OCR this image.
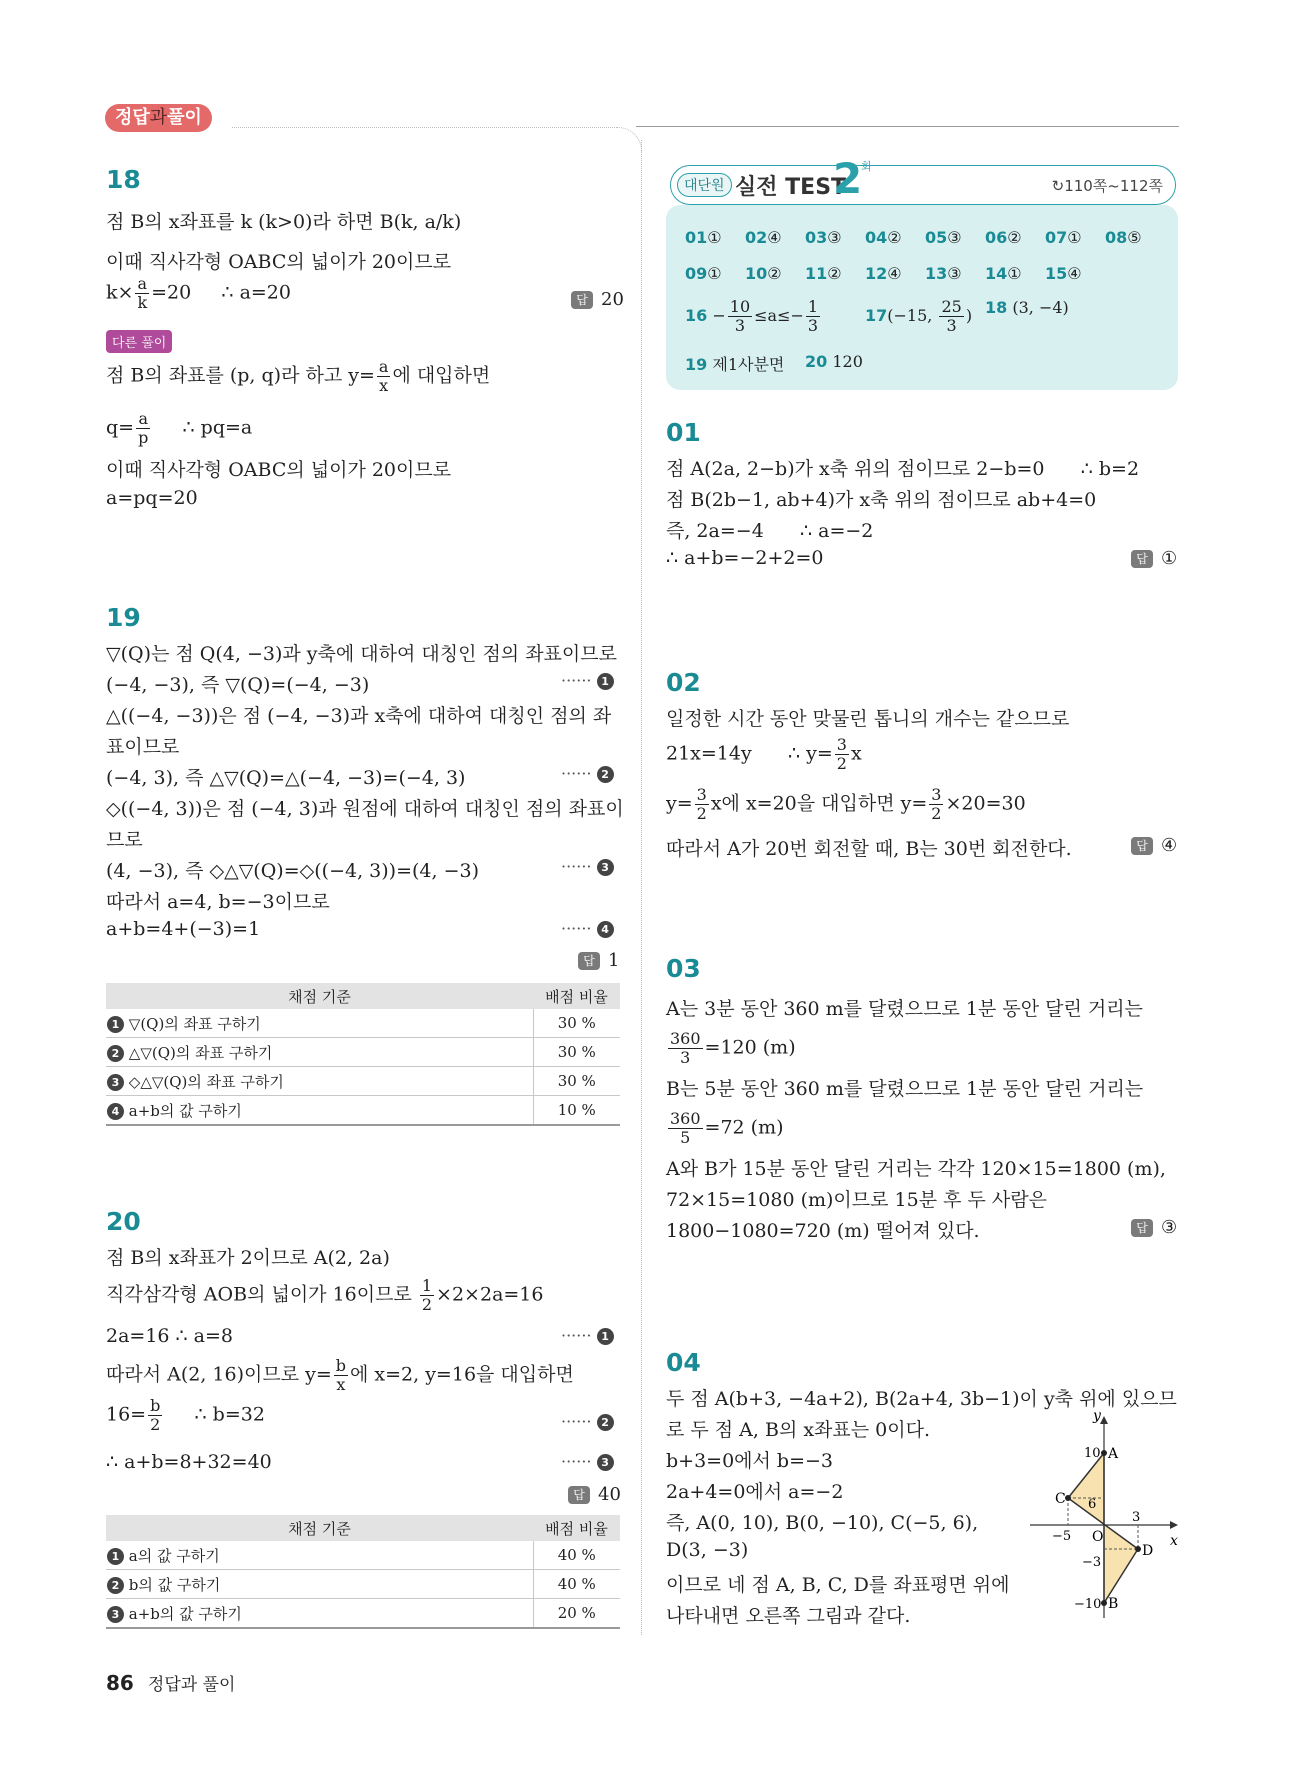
정답과풀이
18
점 B의 x좌표를 k (k>0)라 하면 B(k, a/k)
이때 직사각형 OABC의 넓이가 20이므로
$k\times \frac{a}{k} =20$     ∴ a=20	답 20
다른 풀이
점 B의 좌표를 (p, q)라 하고 $y= \frac{a}{x}$ 에 대입하면
$q= \frac{a}{p}$ ∴ pq=a
이때 직사각형 OABC의 넓이가 20이므로
a=pq=20
19
▽(Q)는 점 Q(4, −3)과 y축에 대하여 대칭인 점의 좌표이므로
(−4, −3), 즉 ▽(Q)=(−4, −3)	······ 1
△((−4, −3))은 점 (−4, −3)과 x축에 대하여 대칭인 점의 좌
표이므로
(−4, 3), 즉 △▽(Q)=△(−4, −3)=(−4, 3)	······ 2
◇((−4, 3))은 점 (−4, 3)과 원점에 대하여 대칭인 점의 좌표이
므로
(4, −3), 즉 ◇△▽(Q)=◇((−4, 3))=(4, −3)	······ 3
따라서 a=4, b=−3이므로
a+b=4+(−3)=1	······ 4
답 1
채점 기준	배점 비율
1 ▽(Q)의 좌표 구하기	30 %
2 △▽(Q)의 좌표 구하기	30 %
3 ◇△▽(Q)의 좌표 구하기	30 %
4 a+b의 값 구하기	10 %
20
점 B의 x좌표가 2이므로 A(2, 2a)
직각삼각형 AOB의 넓이가 16이므로 $\frac{1}{2} \times 2\times 2a=16$
2a=16 ∴ a=8	······ 1
따라서 A(2, 16)이므로 $y= \frac{b}{x}$ 에 x=2, y=16을 대입하면
$16= \frac{b}{2}$ ∴ b=32	······ 2
∴ a+b=8+32=40	······ 3
답 40
채점 기준	배점 비율
1 a의 값 구하기	40 %
2 b의 값 구하기	40 %
3 a+b의 값 구하기	20 %
대단원 실전 TEST
2
회
↻110쪽~112쪽
01① 02④ 03③ 04② 05③ 06② 07① 08⑤
09① 10② 11② 12④ 13③ 14① 15④
$16 - \frac{10}{3} \le a\le- \frac{1}{3}$	17(−15, $\frac{25}{3}$ ) 18 (3, −4)
19 제1사분면 20 120
01
점 A(2a, 2−b)가 x축 위의 점이므로 2−b=0      ∴ b=2
점 B(2b−1, ab+4)가 x축 위의 점이므로 ab+4=0
즉, 2a=−4      ∴ a=−2
∴ a+b=−2+2=0	답 ①
02
일정한 시간 동안 맞물린 톱니의 개수는 같으므로
21x=14y      ∴ $y= \frac{3}{2}$ x
$y= \frac{3}{2}$ x에 x=20을 대입하면 $y= \frac{3}{2} \times 20=30$
따라서 A가 20번 회전할 때, B는 30번 회전한다.	답 ④
03
A는 3분 동안 360 m를 달렸으므로 1분 동안 달린 거리는
$\frac{360}{3} =120$ (m)
B는 5분 동안 360 m를 달렸으므로 1분 동안 달린 거리는
$\frac{360}{5} =72$ (m)
A와 B가 15분 동안 달린 거리는 각각 120×15=1800 (m),
72×15=1080 (m)이므로 15분 후 두 사람은
1800−1080=720 (m) 떨어져 있다.	답 ③
04
두 점 A(b+3, −4a+2), B(2a+4, 3b−1)이 y축 위에 있으므
로 두 점 A, B의 x좌표는 0이다.
b+3=0에서 b=−3
2a+4=0에서 a=−2
즉, A(0, 10), B(0, −10), C(−5, 6),
D(3, −3)
이므로 네 점 A, B, C, D를 좌표평면 위에
나타내면 오른쪽 그림과 같다.
y
x
O
A
C
D
B
10
−10
6
3
−3
−5
86 정답과 풀이
